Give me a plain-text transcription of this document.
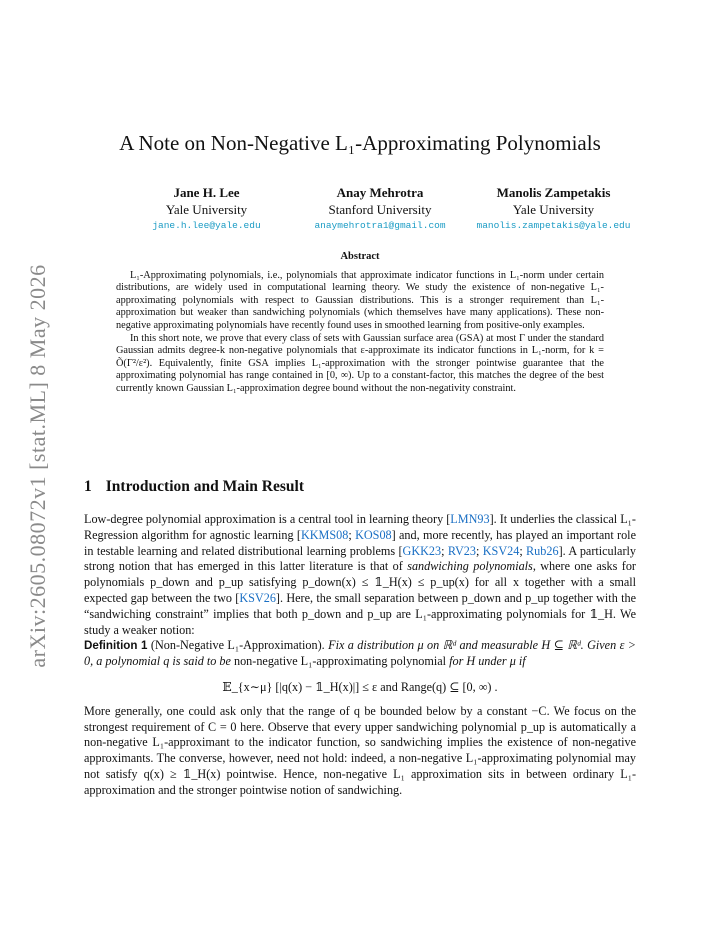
arXiv:2605.08072v1 [stat.ML] 8 May 2026
A Note on Non-Negative L₁-Approximating Polynomials
Jane H. Lee
Yale University
jane.h.lee@yale.edu
Anay Mehrotra
Stanford University
anaymehrotra1@gmail.com
Manolis Zampetakis
Yale University
manolis.zampetakis@yale.edu
Abstract

L₁-Approximating polynomials, i.e., polynomials that approximate indicator functions in L₁-norm under certain distributions, are widely used in computational learning theory. We study the existence of non-negative L₁-approximating polynomials with respect to Gaussian distributions. This is a stronger requirement than L₁-approximation but weaker than sandwiching polynomials (which themselves have many applications). These non-negative approximating polynomials have recently found uses in smoothed learning from positive-only examples.

In this short note, we prove that every class of sets with Gaussian surface area (GSA) at most Γ under the standard Gaussian admits degree-k non-negative polynomials that ε-approximate its indicator functions in L₁-norm, for k = Õ(Γ²/ε²). Equivalently, finite GSA implies L₁-approximation with the stronger pointwise guarantee that the approximating polynomial has range contained in [0, ∞). Up to a constant-factor, this matches the degree of the best currently known Gaussian L₁-approximation degree bound without the non-negativity constraint.

1 Introduction and Main Result

Low-degree polynomial approximation is a central tool in learning theory [LMN93]. It underlies the classical L₁-Regression algorithm for agnostic learning [KKMS08; KOS08] and, more recently, has played an important role in testable learning and related distributional learning problems [GKK23; RV23; KSV24; Rub26]. A particularly strong notion that has emerged in this latter literature is that of sandwiching polynomials, where one asks for polynomials p_down and p_up satisfying p_down(x) ≤ 𝟙_H(x) ≤ p_up(x) for all x together with a small expected gap between the two [KSV26]. Here, the small separation between p_down and p_up together with the “sandwiching constraint” implies that both p_down and p_up are L₁-approximating polynomials for 𝟙_H. We study a weaker notion:

Definition 1 (Non-Negative L₁-Approximation). Fix a distribution μ on ℝᵈ and measurable H ⊆ ℝᵈ. Given ε > 0, a polynomial q is said to be non-negative L₁-approximating polynomial for H under μ if

𝔼_{x∼μ} [|q(x) − 𝟙_H(x)|] ≤ ε and Range(q) ⊆ [0, ∞) .

More generally, one could ask only that the range of q be bounded below by a constant −C. We focus on the strongest requirement of C = 0 here. Observe that every upper sandwiching polynomial p_up is automatically a non-negative L₁-approximant to the indicator function, so sandwiching implies the existence of non-negative approximants. The converse, however, need not hold: indeed, a non-negative L₁-approximating polynomial may not satisfy q(x) ≥ 𝟙_H(x) pointwise. Hence, non-negative L₁ approximation sits in between ordinary L₁-approximation and the stronger pointwise notion of sandwiching.
